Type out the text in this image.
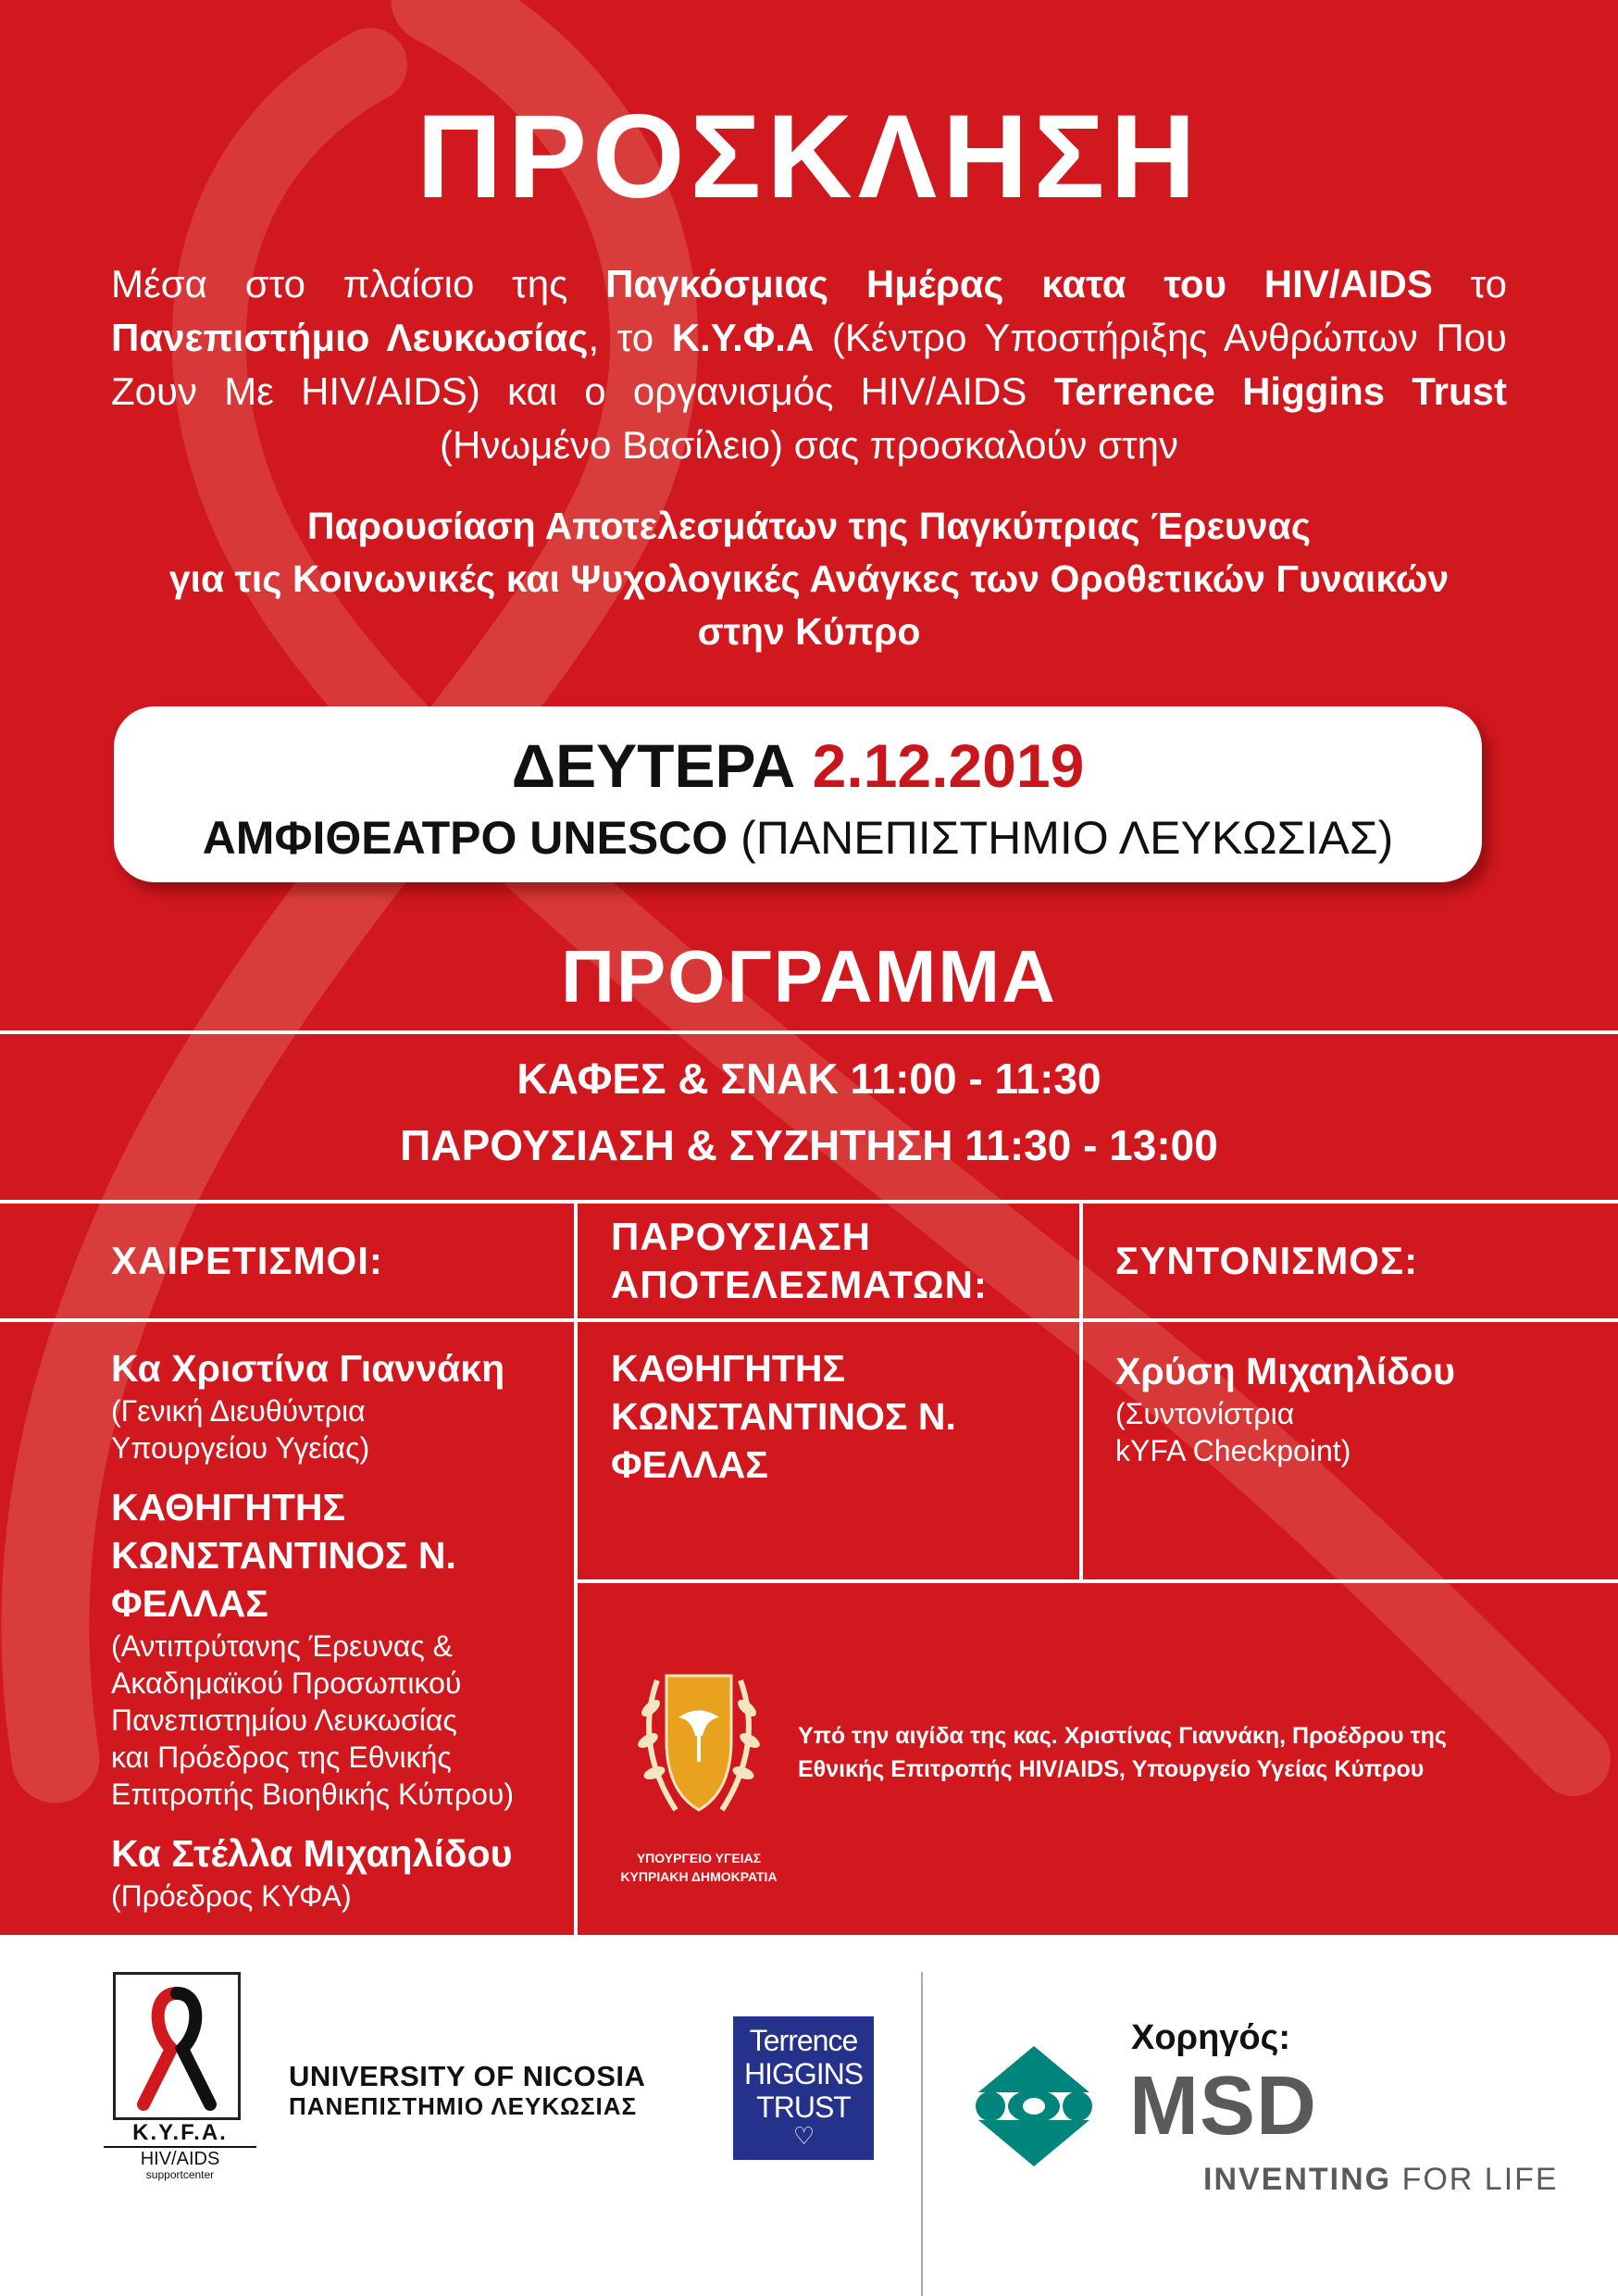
ΠΡΟΣΚΛΗΣΗ
Μέσα στο πλαίσιο της Παγκόσμιας Ημέρας κατα του HIV/AIDS το Πανεπιστήμιο Λευκωσίας, το Κ.Υ.Φ.Α (Κέντρο Υποστήριξης Ανθρώπων Που Ζουν Με HIV/AIDS) και ο οργανισμός HIV/AIDS Terrence Higgins Trust (Ηνωμένο Βασίλειο) σας προσκαλούν στην
Παρουσίαση Αποτελεσμάτων της Παγκύπριας Έρευνας
για τις Κοινωνικές και Ψυχολογικές Ανάγκες των Οροθετικών Γυναικών
στην Κύπρο
ΔΕΥΤΕΡΑ 2.12.2019
ΑΜΦΙΘΕΑΤΡΟ UNESCO (ΠΑΝΕΠΙΣΤΗΜΙΟ ΛΕΥΚΩΣΙΑΣ)
ΠΡΟΓΡΑΜΜΑ
ΚΑΦΕΣ & ΣΝΑΚ 11:00 - 11:30
ΠΑΡΟΥΣΙΑΣΗ & ΣΥΖΗΤΗΣΗ 11:30 - 13:00
ΧΑΙΡΕΤΙΣΜΟΙ:
ΠΑΡΟΥΣΙΑΣΗ
ΑΠΟΤΕΛΕΣΜΑΤΩΝ:
ΣΥΝΤΟΝΙΣΜΟΣ:
Κα Χριστίνα Γιαννάκη
(Γενική Διευθύντρια
Υπουργείου Υγείας)
ΚΑΘΗΓΗΤΗΣ
ΚΩΝΣΤΑΝΤΙΝΟΣ Ν.
ΦΕΛΛΑΣ
(Αντιπρύτανης Έρευνας &
Ακαδημαϊκού Προσωπικού
Πανεπιστημίου Λευκωσίας
και Πρόεδρος της Εθνικής
Επιτροπής Βιοηθικής Κύπρου)
Κα Στέλλα Μιχαηλίδου
(Πρόεδρος ΚΥΦΑ)
ΚΑΘΗΓΗΤΗΣ
ΚΩΝΣΤΑΝΤΙΝΟΣ Ν.
ΦΕΛΛΑΣ
Χρύση Μιχαηλίδου
(Συντονίστρια
kYFA Checkpoint)
ΥΠΟΥΡΓΕΙΟ ΥΓΕΙΑΣ
ΚΥΠΡΙΑΚΗ ΔΗΜΟΚΡΑΤΙΑ
Υπό την αιγίδα της κας. Χριστίνας Γιαννάκη, Προέδρου της Εθνικής Επιτροπής HIV/AIDS, Υπουργείο Υγείας Κύπρου
K.Y.F.A.
HIV/AIDS
supportcenter
UNIVERSITY OF NICOSIA
ΠΑΝΕΠΙΣΤΗΜΙΟ ΛΕΥΚΩΣΙΑΣ
Terrence
HIGGINS
TRUST
♡
Χορηγός:
MSD
INVENTING FOR LIFE
